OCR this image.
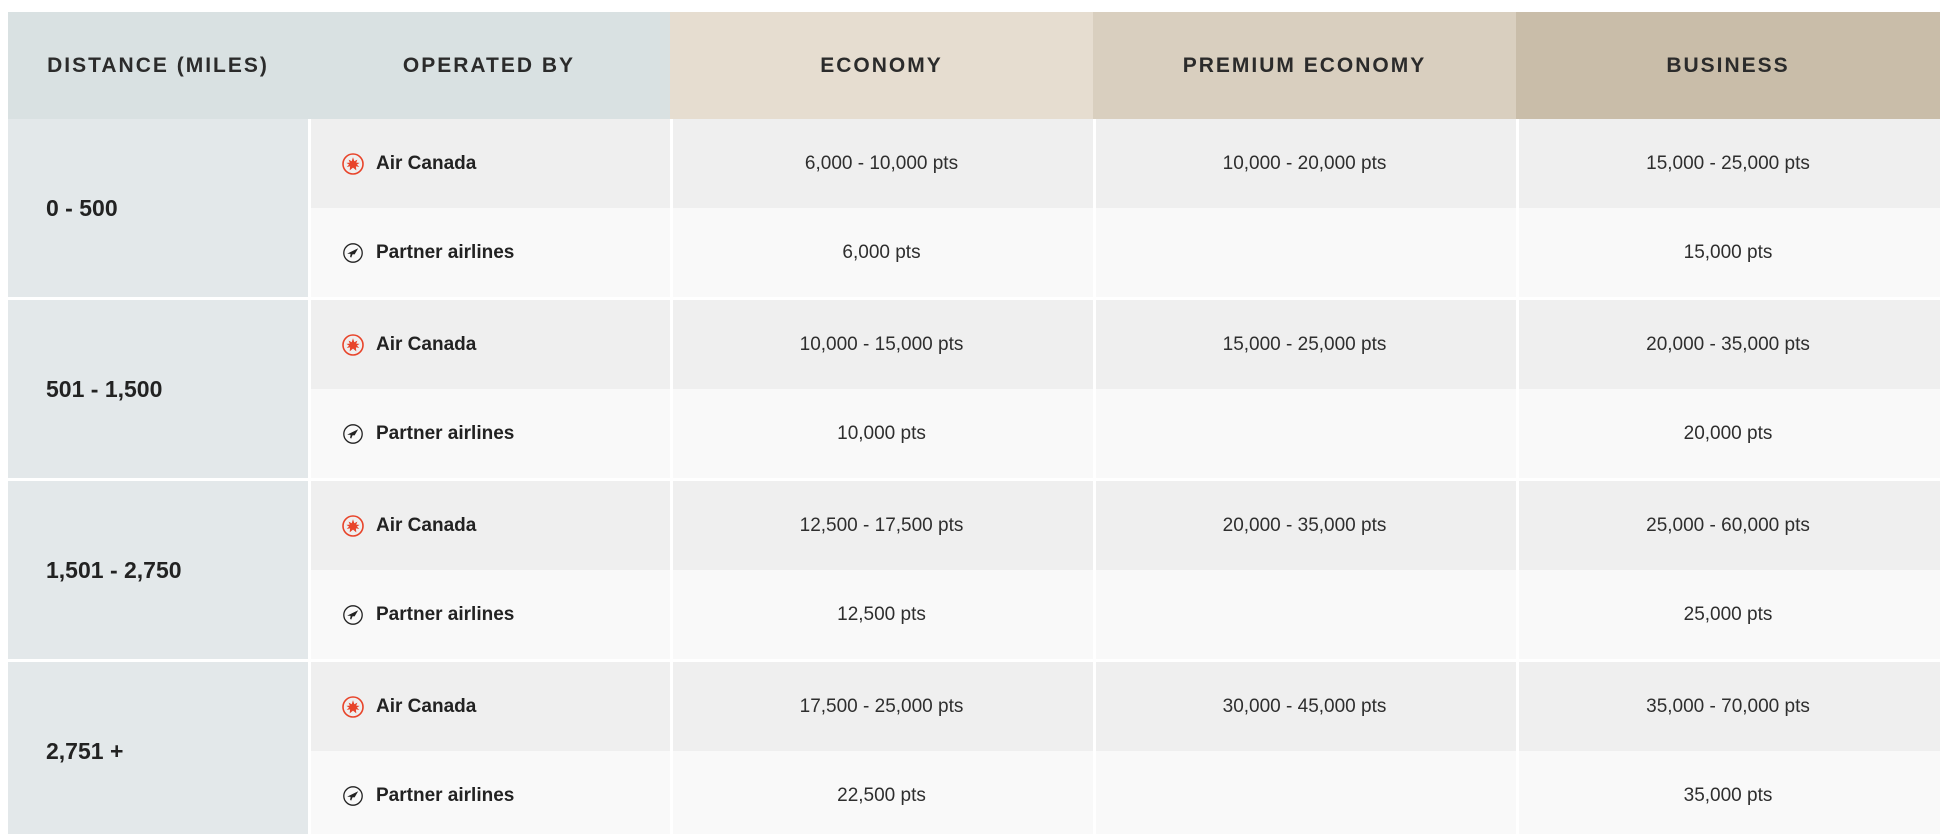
DISTANCE (MILES)	OPERATED BY	ECONOMY	PREMIUM ECONOMY	BUSINESS
0 - 500	Air Canada	6,000 - 10,000 pts	10,000 - 20,000 pts	15,000 - 25,000 pts

	Partner airlines	6,000 pts		15,000 pts
501 - 1,500	Air Canada	10,000 - 15,000 pts	15,000 - 25,000 pts	20,000 - 35,000 pts

	Partner airlines	10,000 pts		20,000 pts
1,501 - 2,750	Air Canada	12,500 - 17,500 pts	20,000 - 35,000 pts	25,000 - 60,000 pts

	Partner airlines	12,500 pts		25,000 pts
2,751 +	Air Canada	17,500 - 25,000 pts	30,000 - 45,000 pts	35,000 - 70,000 pts

	Partner airlines	22,500 pts		35,000 pts
